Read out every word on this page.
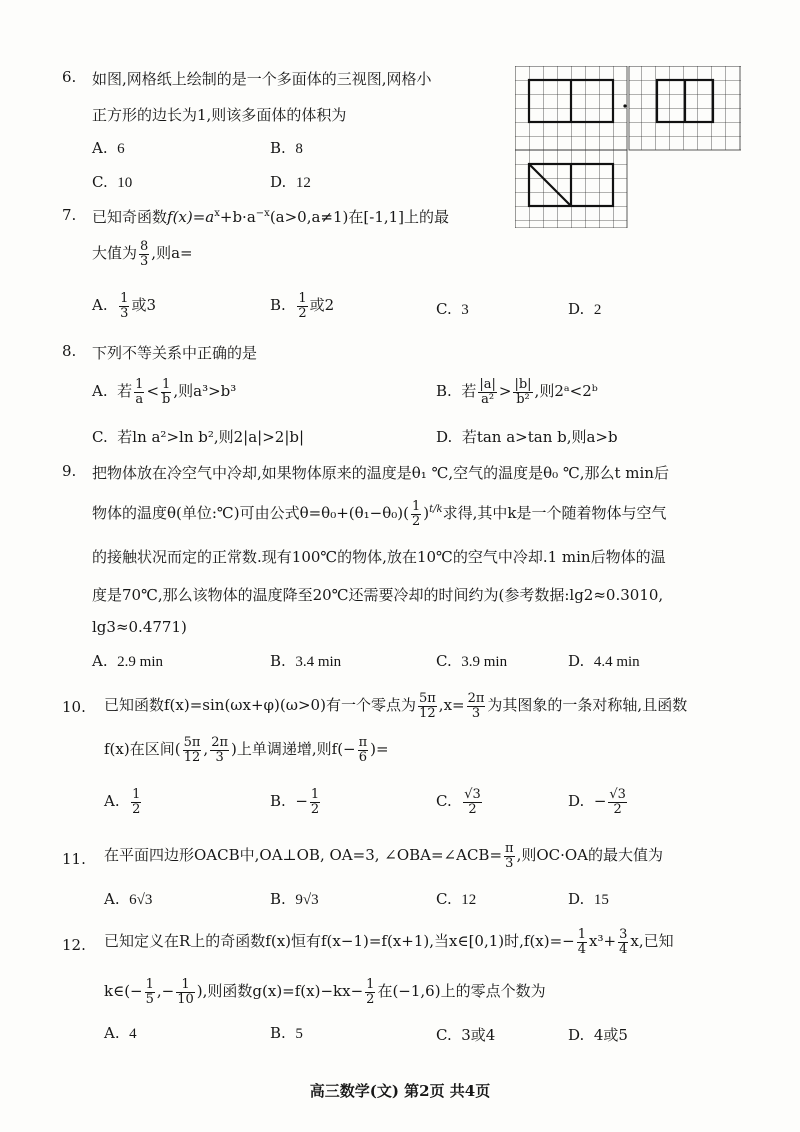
6. 如图,网格纸上绘制的是一个多面体的三视图,网格小
正方形的边长为1,则该多面体的体积为
A. 6	B. 8
C. 10	D. 12
7. 已知奇函数$f(x)=a^x+b\cdot a^{-x}(a>0,a\ne 1)$在[-1,1]上的最
大值为 $\frac{8}{3}$ ,则a=
A. $\frac{1}{3}$ 或3	B. $\frac{1}{2}$ 或2	C. 3	D. 2
8. 下列不等关系中正确的是
A. 若 $\frac{1}{a} < \frac{1}{b}$ ,则a³>b³	B. 若 $\frac{|a|}{\text{a²}} > \frac{|b|}{\text{b²}}$ ,则2ᵃ<2ᵇ
C. 若ln a²>ln b²,则2|a|>2|b|	D. 若tan a>tan b,则a>b
9. 把物体放在冷空气中冷却,如果物体原来的温度是θ₁ ℃,空气的温度是θ₀ ℃,那么t min后
物体的温度θ(单位:℃)可由公式$\theta=\theta_0+(\theta_1-\theta_0)( \frac{1}{2} )^{t/k}$求得,其中k是一个随着物体与空气
的接触状况而定的正常数.现有100℃的物体,放在10℃的空气中冷却.1 min后物体的温
度是70℃,那么该物体的温度降至20℃还需要冷却的时间约为(参考数据:lg2≈0.3010,
lg3≈0.4771)
A. 2.9 min	B. 3.4 min	C. 3.9 min	D. 4.4 min
10. 已知函数f(x)=sin(ωx+φ)(ω>0)有一个零点为 $\frac{5\pi}{12} ,x= \frac{2\pi}{3}$ 为其图象的一条对称轴,且函数
f(x)在区间( $\frac{5\pi}{12}$ , $\frac{2\pi}{3}$ )上单调递增,则$f(- \frac{\pi}{6}$ )=
A. $\frac{1}{2}$	B. − $\frac{1}{2}$	C. $\frac{√3}{2}$	D. − $\frac{√3}{2}$
11. 在平面四边形OACB中,OA⊥OB, OA=3, ∠OBA=∠ACB= $\frac{\pi}{3}$ ,则OC·OA的最大值为
A. 6√3	B. 9√3	C. 12	D. 15
12. 已知定义在R上的奇函数f(x)恒有f(x−1)=f(x+1),当x∈[0,1)时$,f(x)=- \frac{1}{4} x^3+ \frac{3}{4} x$,已知
k∈(− $\frac{1}{5}$ ,− $\frac{1}{10}$ ),则函数$g(x)=f(x)-kx- \frac{1}{2}$ 在(−1,6)上的零点个数为
A. 4	B. 5	C. 3或4	D. 4或5
高三数学(文) 第2页 共4页
